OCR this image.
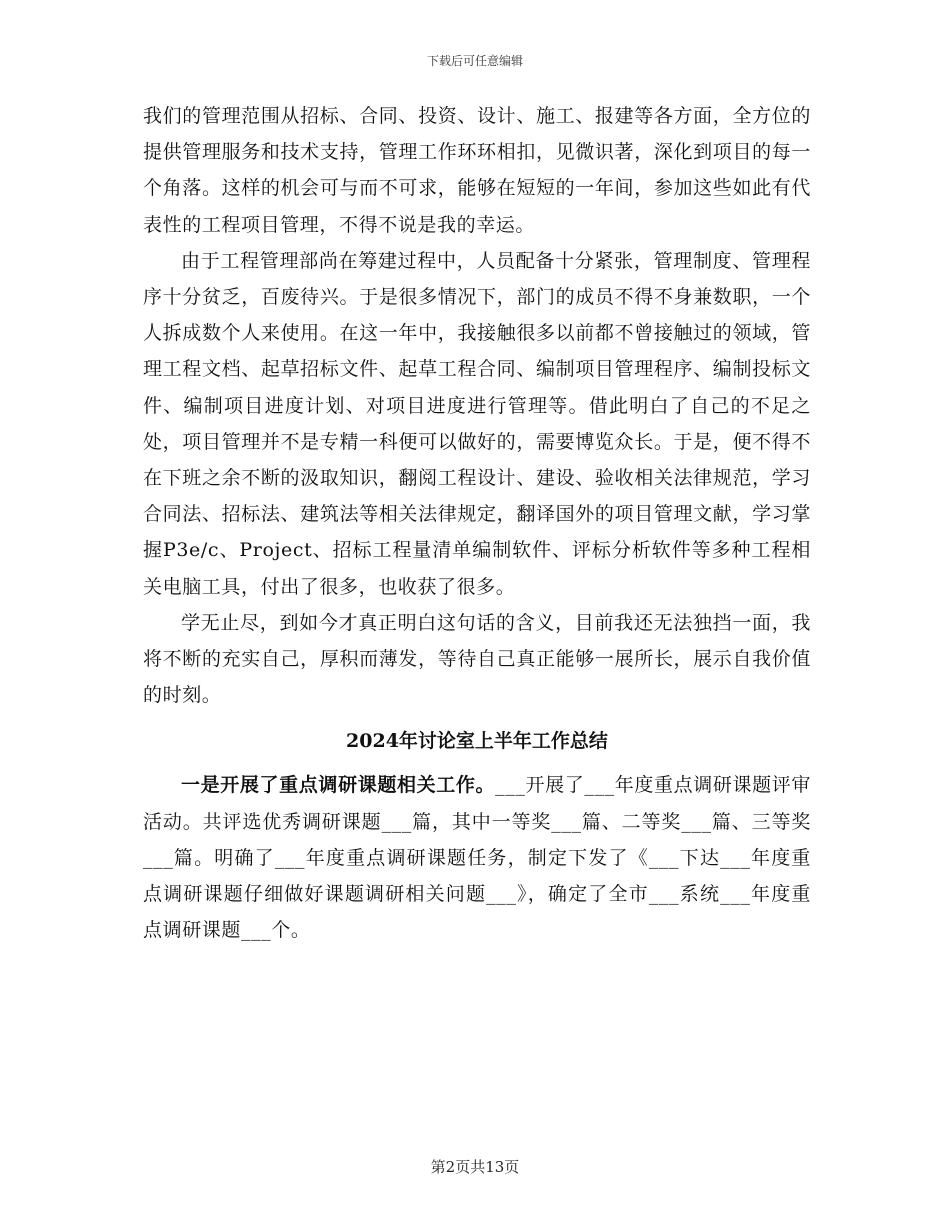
下载后可任意编辑

我们的管理范围从招标、合同、投资、设计、施工、报建等各方面，全方位的提供管理服务和技术支持，管理工作环环相扣，见微识著，深化到项目的每一个角落。这样的机会可与而不可求，能够在短短的一年间，参加这些如此有代表性的工程项目管理，不得不说是我的幸运。

由于工程管理部尚在筹建过程中，人员配备十分紧张，管理制度、管理程序十分贫乏，百废待兴。于是很多情况下，部门的成员不得不身兼数职，一个人拆成数个人来使用。在这一年中，我接触很多以前都不曾接触过的领域，管理工程文档、起草招标文件、起草工程合同、编制项目管理程序、编制投标文件、编制项目进度计划、对项目进度进行管理等。借此明白了自己的不足之处，项目管理并不是专精一科便可以做好的，需要博览众长。于是，便不得不在下班之余不断的汲取知识，翻阅工程设计、建设、验收相关法律规范，学习合同法、招标法、建筑法等相关法律规定，翻译国外的项目管理文献，学习掌握P3e/c、Project、招标工程量清单编制软件、评标分析软件等多种工程相关电脑工具，付出了很多，也收获了很多。

学无止尽，到如今才真正明白这句话的含义，目前我还无法独挡一面，我将不断的充实自己，厚积而薄发，等待自己真正能够一展所长，展示自我价值的时刻。

2024年讨论室上半年工作总结

一是开展了重点调研课题相关工作。___开展了___年度重点调研课题评审活动。共评选优秀调研课题___篇，其中一等奖___篇、二等奖___篇、三等奖___篇。明确了___年度重点调研课题任务，制定下发了《___下达___年度重点调研课题仔细做好课题调研相关问题___》，确定了全市___系统___年度重点调研课题___个。

第2页共13页
